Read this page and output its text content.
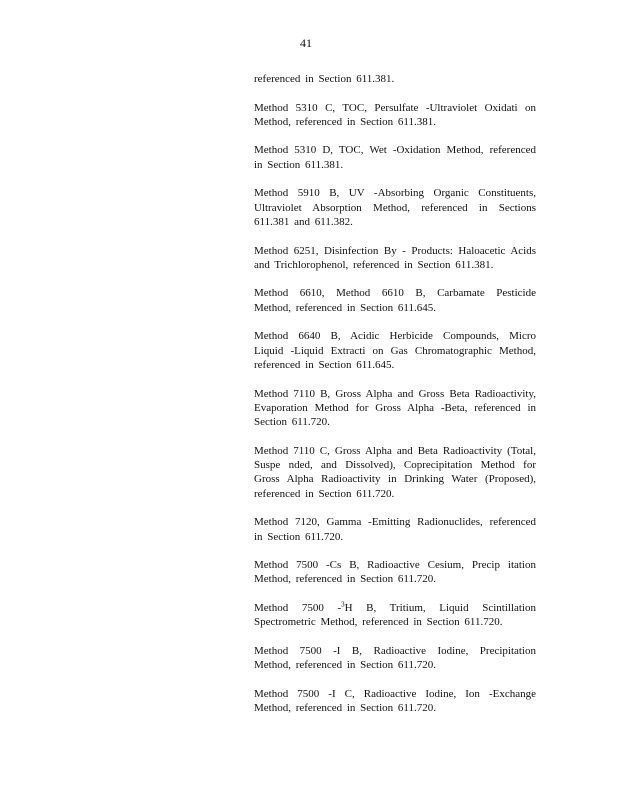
41

referenced in Section 611.381.

Method 5310 C, TOC, Persulfate -Ultraviolet Oxidati on Method, referenced in Section 611.381.

Method 5310 D, TOC, Wet -Oxidation Method, referenced in Section 611.381.

Method 5910 B, UV -Absorbing Organic Constituents, Ultraviolet Absorption Method, referenced in Sections 611.381 and 611.382.

Method 6251, Disinfection By - Products: Haloacetic Acids and Trichlorophenol, referenced in Section 611.381.

Method 6610, Method 6610 B, Carbamate Pesticide Method, referenced in Section 611.645.

Method 6640 B, Acidic Herbicide Compounds, Micro Liquid -Liquid Extracti on Gas Chromatographic Method, referenced in Section 611.645.

Method 7110 B, Gross Alpha and Gross Beta Radioactivity, Evaporation Method for Gross Alpha -Beta, referenced in Section 611.720.

Method 7110 C, Gross Alpha and Beta Radioactivity (Total, Suspe nded, and Dissolved), Coprecipitation Method for Gross Alpha Radioactivity in Drinking Water (Proposed), referenced in Section 611.720.

Method 7120, Gamma -Emitting Radionuclides, referenced in Section 611.720.

Method 7500 -Cs B, Radioactive Cesium, Precip itation Method, referenced in Section 611.720.

Method 7500 -$^3$H B, Tritium, Liquid Scintillation Spectrometric Method, referenced in Section 611.720.

Method 7500 -I B, Radioactive Iodine, Precipitation Method, referenced in Section 611.720.

Method 7500 -I C, Radioactive Iodine, Ion -Exchange Method, referenced in Section 611.720.
